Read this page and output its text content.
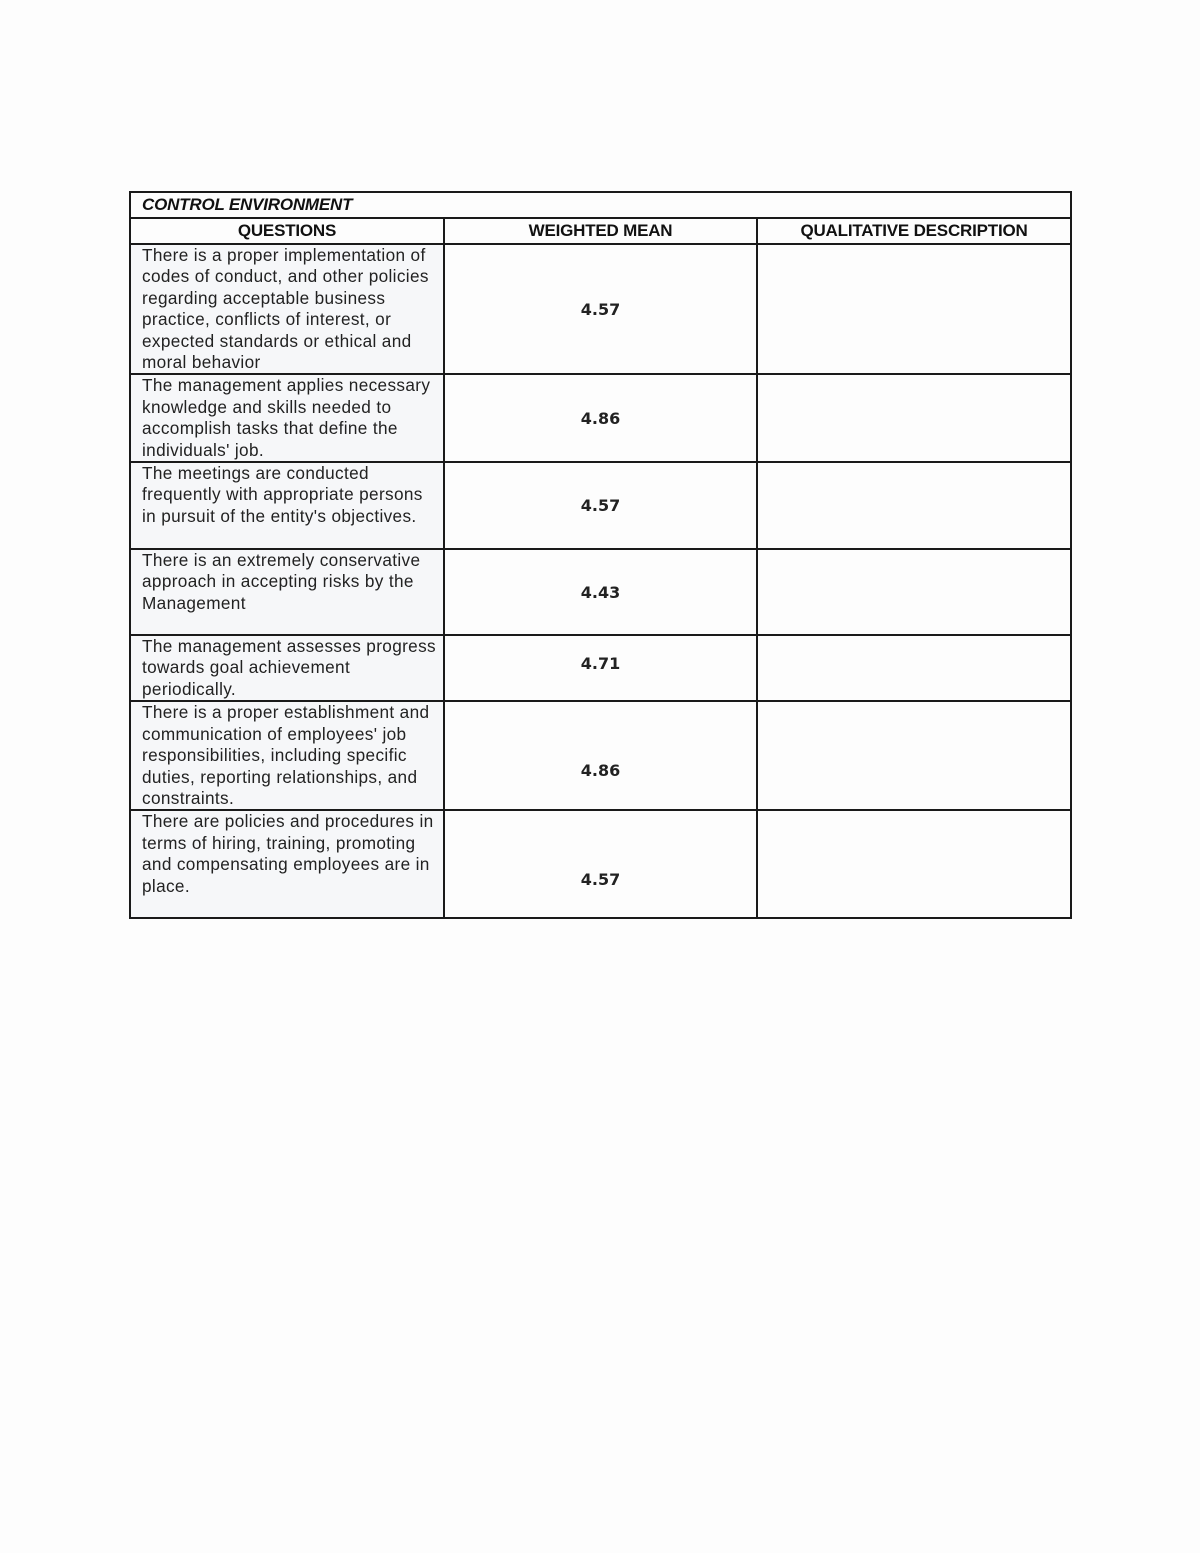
CONTROL ENVIRONMENT		
QUESTIONS	WEIGHTED MEAN	QUALITATIVE DESCRIPTION
There is a proper implementation of codes of conduct, and other policies regarding acceptable business practice, conflicts of interest, or expected standards or ethical and moral behavior	4.57	
The management applies necessary knowledge and skills needed to accomplish tasks that define the individuals' job.	4.86	
The meetings are conducted frequently with appropriate persons in pursuit of the entity's objectives.	4.57	
There is an extremely conservative approach in accepting risks by the Management	4.43	
The management assesses progress towards goal achievement periodically.	4.71	
There is a proper establishment and communication of employees' job responsibilities, including specific duties, reporting relationships, and constraints.	4.86	
There are policies and procedures in terms of hiring, training, promoting and compensating employees are in place.	4.57	
